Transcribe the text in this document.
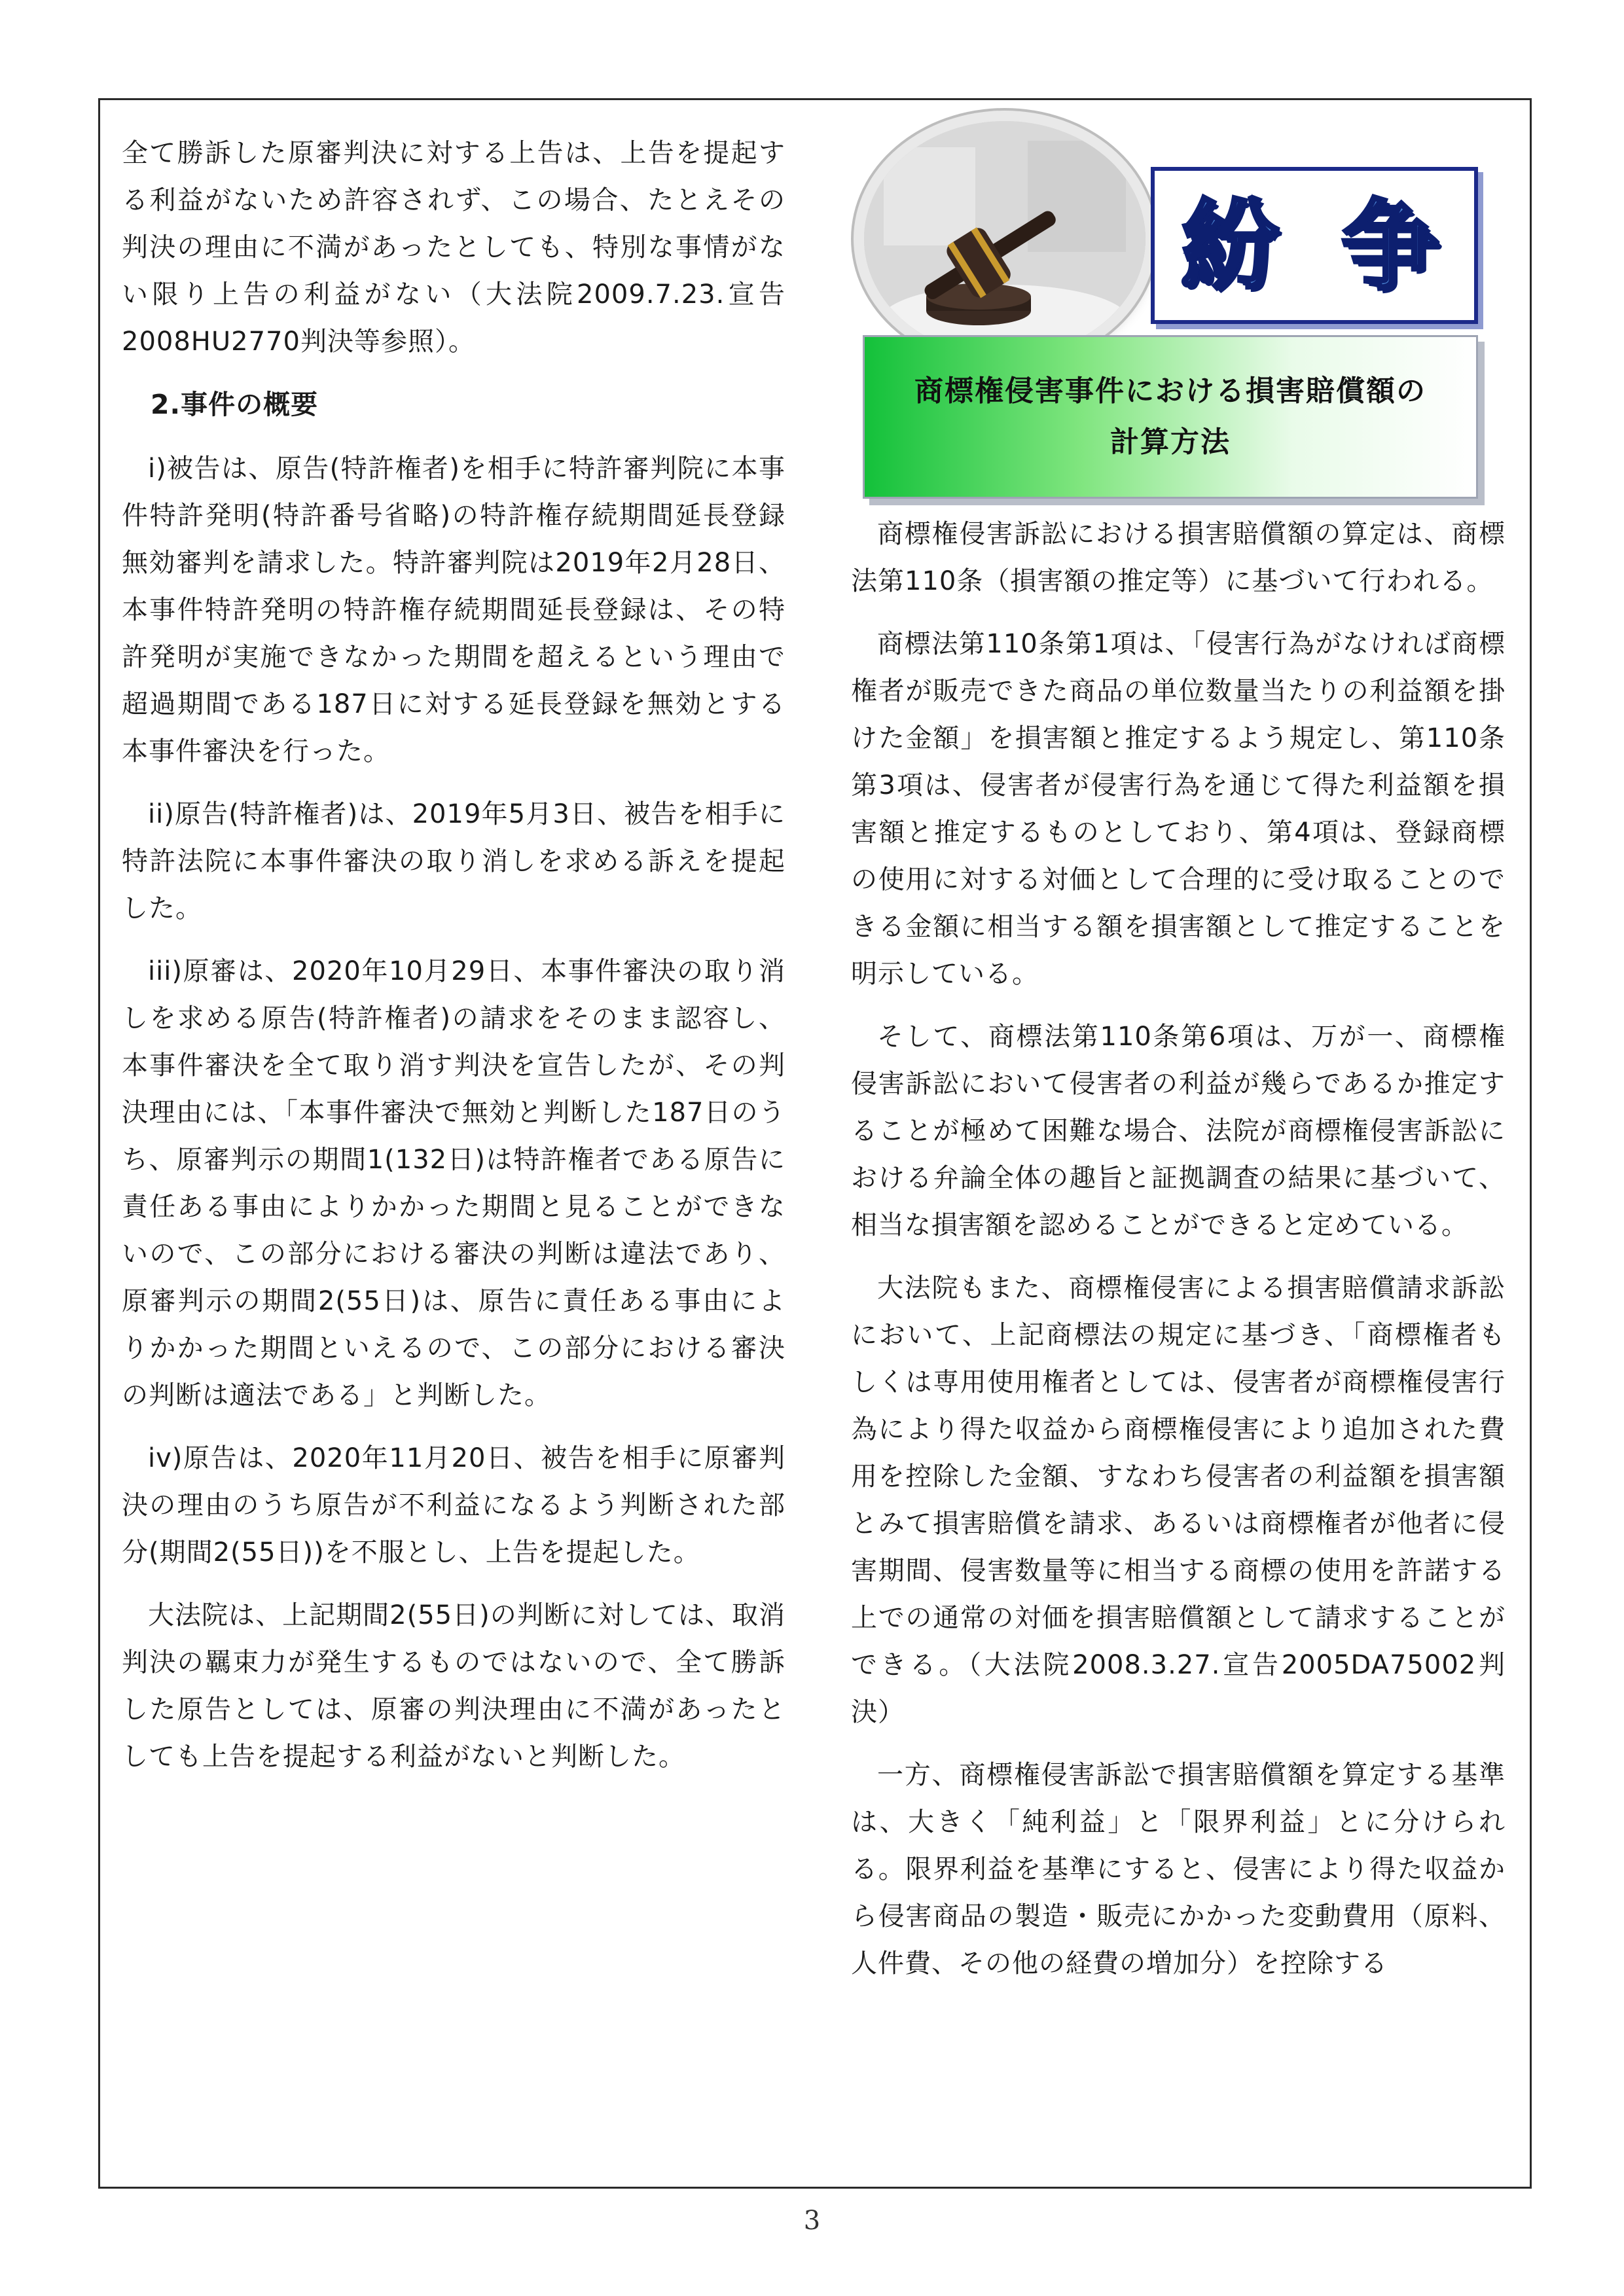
全て勝訴した原審判決に対する上告は、上告を提起する利益がないため許容されず、この場合、たとえその判決の理由に不満があったとしても、特別な事情がない限り上告の利益がない（大法院2009.7.23.宣告2008HU2770判決等参照）。

2.事件の概要

i)被告は、原告(特許権者)を相手に特許審判院に本事件特許発明(特許番号省略)の特許権存続期間延長登録無効審判を請求した。特許審判院は2019年2月28日、本事件特許発明の特許権存続期間延長登録は、その特許発明が実施できなかった期間を超えるという理由で超過期間である187日に対する延長登録を無効とする本事件審決を行った。

ii)原告(特許権者)は、2019年5月3日、被告を相手に特許法院に本事件審決の取り消しを求める訴えを提起した。

iii)原審は、2020年10月29日、本事件審決の取り消しを求める原告(特許権者)の請求をそのまま認容し、本事件審決を全て取り消す判決を宣告したが、その判決理由には、「本事件審決で無効と判断した187日のうち、原審判示の期間1(132日)は特許権者である原告に責任ある事由によりかかった期間と見ることができないので、この部分における審決の判断は違法であり、原審判示の期間2(55日)は、原告に責任ある事由によりかかった期間といえるので、この部分における審決の判断は適法である」と判断した。

iv)原告は、2020年11月20日、被告を相手に原審判決の理由のうち原告が不利益になるよう判断された部分(期間2(55日))を不服とし、上告を提起した。

大法院は、上記期間2(55日)の判断に対しては、取消判決の羈束力が発生するものではないので、全て勝訴した原告としては、原審の判決理由に不満があったとしても上告を提起する利益がないと判断した。

紛 争
商標権侵害事件における損害賠償額の
計算方法

商標権侵害訴訟における損害賠償額の算定は、商標法第110条（損害額の推定等）に基づいて行われる。

商標法第110条第1項は、「侵害行為がなければ商標権者が販売できた商品の単位数量当たりの利益額を掛けた金額」を損害額と推定するよう規定し、第110条第3項は、侵害者が侵害行為を通じて得た利益額を損害額と推定するものとしており、第4項は、登録商標の使用に対する対価として合理的に受け取ることのできる金額に相当する額を損害額として推定することを明示している。

そして、商標法第110条第6項は、万が一、商標権侵害訴訟において侵害者の利益が幾らであるか推定することが極めて困難な場合、法院が商標権侵害訴訟における弁論全体の趣旨と証拠調査の結果に基づいて、相当な損害額を認めることができると定めている。

大法院もまた、商標権侵害による損害賠償請求訴訟において、上記商標法の規定に基づき、「商標権者もしくは専用使用権者としては、侵害者が商標権侵害行為により得た収益から商標権侵害により追加された費用を控除した金額、すなわち侵害者の利益額を損害額とみて損害賠償を請求、あるいは商標権者が他者に侵害期間、侵害数量等に相当する商標の使用を許諾する上での通常の対価を損害賠償額として請求することができる。（大法院2008.3.27.宣告2005DA75002判決）

一方、商標権侵害訴訟で損害賠償額を算定する基準は、大きく「純利益」と「限界利益」とに分けられる。限界利益を基準にすると、侵害により得た収益から侵害商品の製造・販売にかかった変動費用（原料、人件費、その他の経費の増加分）を控除する

3
